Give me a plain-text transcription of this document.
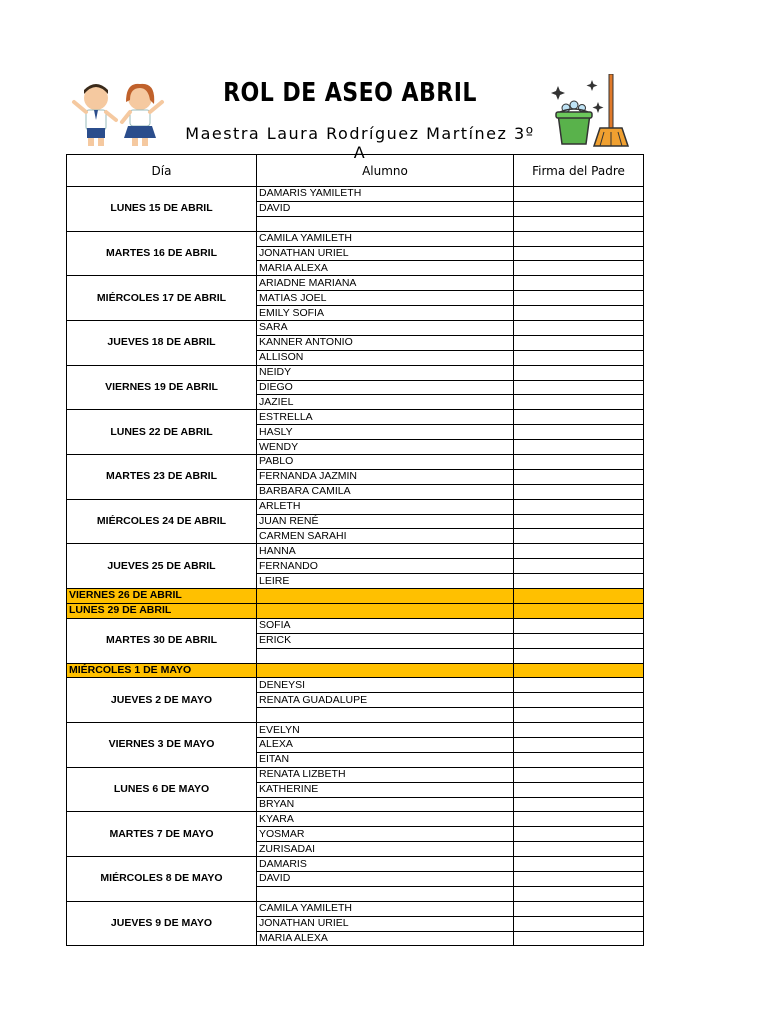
ROL DE ASEO ABRIL
Maestra Laura Rodríguez Martínez 3º A
Día	Alumno	Firma del Padre
LUNES 15 DE ABRIL	DAMARIS YAMILETH	
	DAVID	

MARTES 16 DE ABRIL	CAMILA YAMILETH	
	JONATHAN URIEL	
	MARIA ALEXA	
MIÉRCOLES 17 DE ABRIL	ARIADNE MARIANA	
	MATIAS JOEL	
	EMILY SOFIA	
JUEVES 18 DE ABRIL	SARA	
	KANNER ANTONIO	
	ALLISON	
VIERNES 19 DE ABRIL	NEIDY	
	DIEGO	
	JAZIEL	
LUNES 22 DE ABRIL	ESTRELLA	
	HASLY	
	WENDY	
MARTES 23 DE ABRIL	PABLO	
	FERNANDA JAZMIN	
	BARBARA CAMILA	
MIÉRCOLES 24 DE ABRIL	ARLETH	
	JUAN RENÉ	
	CARMEN SARAHI	
JUEVES 25 DE ABRIL	HANNA	
	FERNANDO	
	LEIRE	
VIERNES 26 DE ABRIL		
LUNES 29 DE ABRIL		
MARTES 30 DE ABRIL	SOFIA	
	ERICK	

MIÉRCOLES 1 DE MAYO		
JUEVES 2 DE MAYO	DENEYSI	
	RENATA GUADALUPE	

VIERNES 3 DE MAYO	EVELYN	
	ALEXA	
	EITAN	
LUNES 6 DE MAYO	RENATA LIZBETH	
	KATHERINE	
	BRYAN	
MARTES 7 DE MAYO	KYARA	
	YOSMAR	
	ZURISADAI	
MIÉRCOLES 8 DE MAYO	DAMARIS	
	DAVID	

JUEVES 9 DE MAYO	CAMILA YAMILETH	
	JONATHAN URIEL	
	MARIA ALEXA	
